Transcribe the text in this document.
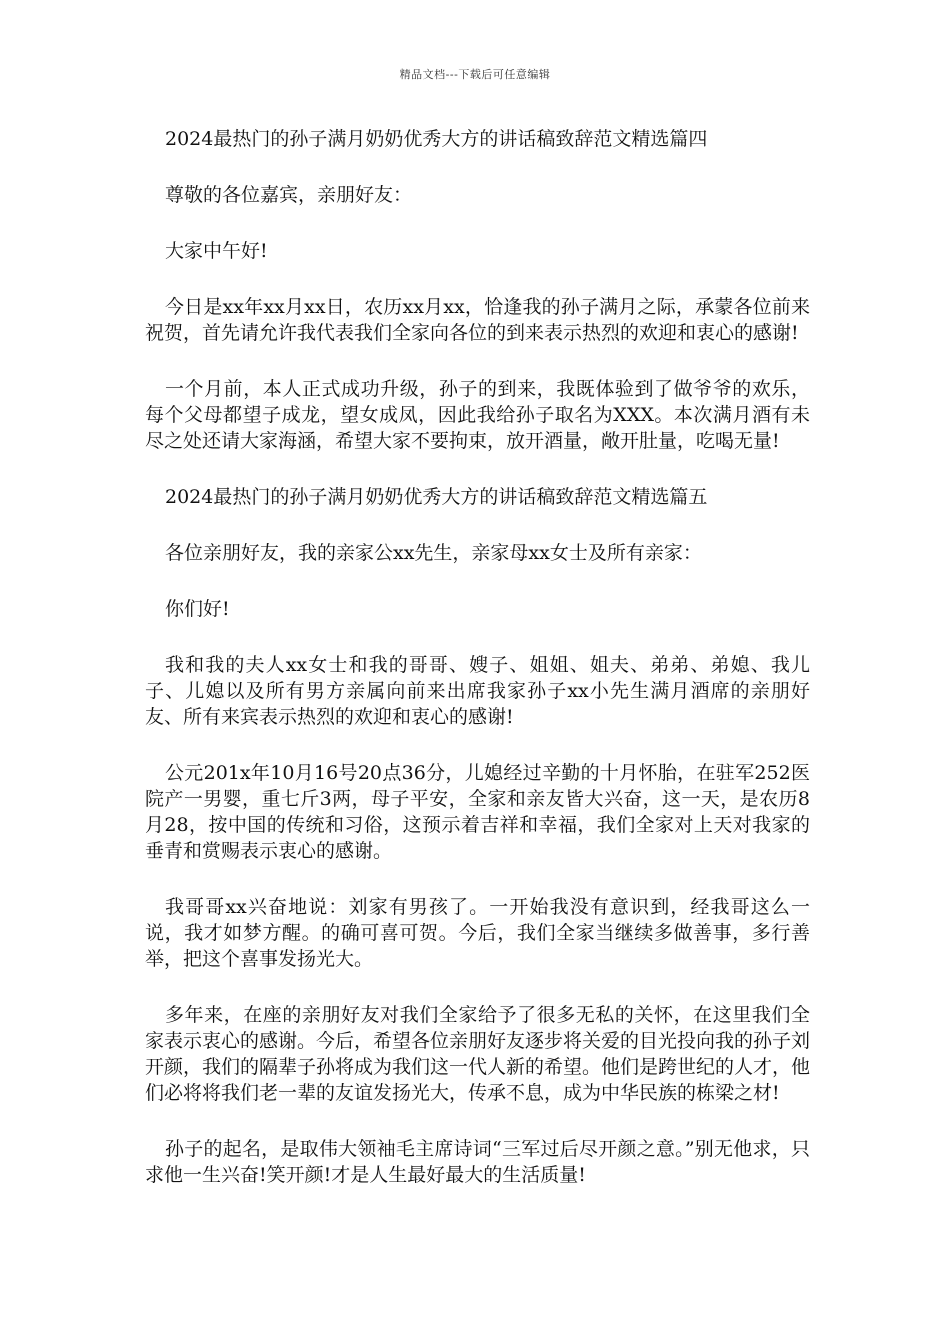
精品文档---下载后可任意编辑

2024最热门的孙子满月奶奶优秀大方的讲话稿致辞范文精选篇四

尊敬的各位嘉宾，亲朋好友：

大家中午好!

今日是xx年xx月xx日，农历xx月xx，恰逢我的孙子满月之际，承蒙各位前来祝贺，首先请允许我代表我们全家向各位的到来表示热烈的欢迎和衷心的感谢!

一个月前，本人正式成功升级，孙子的到来，我既体验到了做爷爷的欢乐，每个父母都望子成龙，望女成凤，因此我给孙子取名为XXX。本次满月酒有未尽之处还请大家海涵，希望大家不要拘束，放开酒量，敞开肚量，吃喝无量!

2024最热门的孙子满月奶奶优秀大方的讲话稿致辞范文精选篇五

各位亲朋好友，我的亲家公xx先生，亲家母xx女士及所有亲家：

你们好!

我和我的夫人xx女士和我的哥哥、嫂子、姐姐、姐夫、弟弟、弟媳、我儿子、儿媳以及所有男方亲属向前来出席我家孙子xx小先生满月酒席的亲朋好友、所有来宾表示热烈的欢迎和衷心的感谢!

公元201x年10月16号20点36分，儿媳经过辛勤的十月怀胎，在驻军252医院产一男婴，重七斤3两，母子平安，全家和亲友皆大兴奋，这一天，是农历8月28，按中国的传统和习俗，这预示着吉祥和幸福，我们全家对上天对我家的垂青和赏赐表示衷心的感谢。

我哥哥xx兴奋地说：刘家有男孩了。一开始我没有意识到，经我哥这么一说，我才如梦方醒。的确可喜可贺。今后，我们全家当继续多做善事，多行善举，把这个喜事发扬光大。

多年来，在座的亲朋好友对我们全家给予了很多无私的关怀，在这里我们全家表示衷心的感谢。今后，希望各位亲朋好友逐步将关爱的目光投向我的孙子刘开颜，我们的隔辈子孙将成为我们这一代人新的希望。他们是跨世纪的人才，他们必将将我们老一辈的友谊发扬光大，传承不息，成为中华民族的栋梁之材!

孙子的起名，是取伟大领袖毛主席诗词“三军过后尽开颜之意。”别无他求，只求他一生兴奋!笑开颜!才是人生最好最大的生活质量!
